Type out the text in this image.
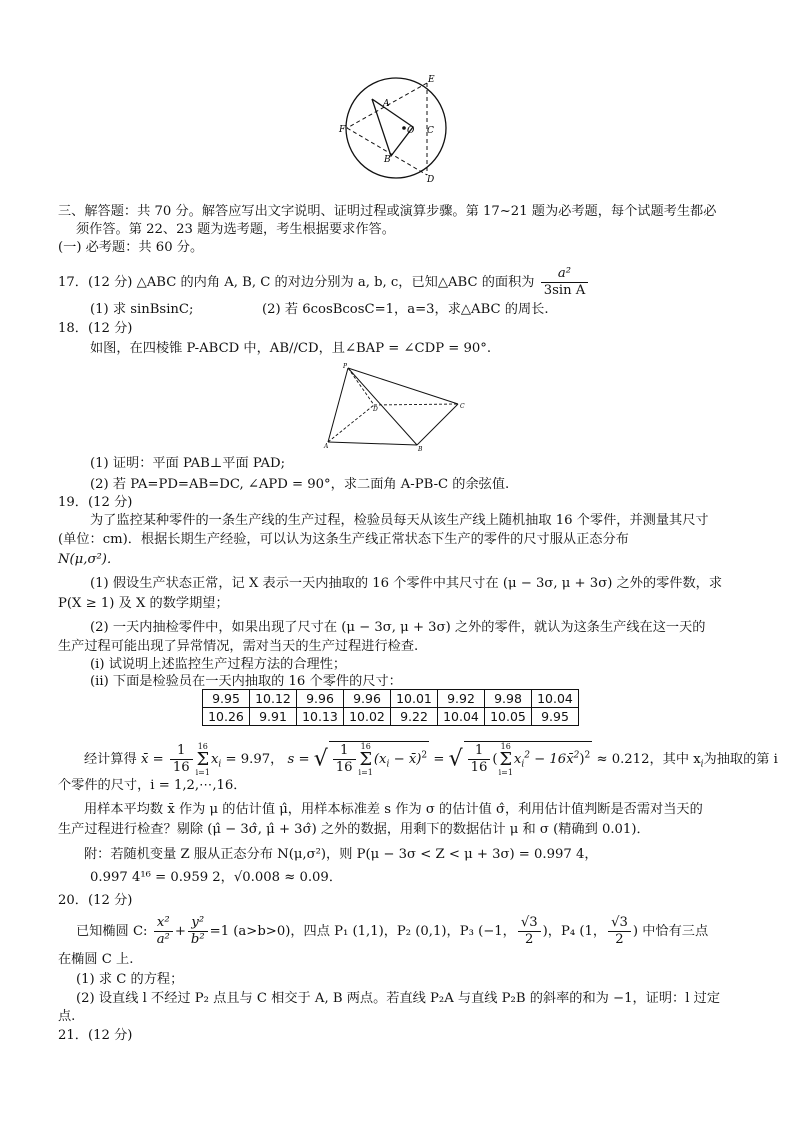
A
B
C
O
D
E
F
三、解答题：共 70 分。解答应写出文字说明、证明过程或演算步骤。第 17~21 题为必考题，每个试题考生都必
须作答。第 22、23 题为选考题，考生根据要求作答。
(一) 必考题：共 60 分。
17．(12 分) △ABC 的内角 A, B, C 的对边分别为 a, b, c，已知△ABC 的面积为 $\frac{\text{a²}}{\text{3sin A}}$
(1) 求 sinBsinC;	(2) 若 6cosBcosC=1，a=3，求△ABC 的周长.
18．(12 分)
如图，在四棱锥 P-ABCD 中，AB//CD，且∠BAP = ∠CDP = 90°.
P
A	B
C
D
(1) 证明：平面 PAB⊥平面 PAD;
(2) 若 PA=PD=AB=DC, ∠APD = 90°，求二面角 A-PB-C 的余弦值.
19．(12 分)
为了监控某种零件的一条生产线的生产过程，检验员每天从该生产线上随机抽取 16 个零件，并测量其尺寸
(单位：cm)．根据长期生产经验，可以认为这条生产线正常状态下生产的零件的尺寸服从正态分布
N(μ,σ²)．
(1) 假设生产状态正常，记 X 表示一天内抽取的 16 个零件中其尺寸在 (μ − 3σ, μ + 3σ) 之外的零件数，求
P(X ≥ 1) 及 X 的数学期望；
(2) 一天内抽检零件中，如果出现了尺寸在 (μ − 3σ, μ + 3σ) 之外的零件，就认为这条生产线在这一天的
生产过程可能出现了异常情况，需对当天的生产过程进行检查.
(ⅰ) 试说明上述监控生产过程方法的合理性；
(ⅱ) 下面是检验员在一天内抽取的 16 个零件的尺寸：
9.95	10.12	9.96	9.96	10.01	9.92	9.98	10.04
10.26	9.91	10.13	10.02	9.22	10.04	10.05	9.95
经计算得 x̄ = $\frac{1}{16} 16$
Σ
$i=1x_i = 9.97$， s = √ $\frac{1}{16} 16$
Σ
$i=1(x_i$ − x̄)$^2$ = √ $\frac{1}{16} (16$
Σ
$i=1x_i^2$ − 16x̄$^2$)$^2$ ≈ 0.212，其中 $x_i$为抽取的第 i
个零件的尺寸，i = 1,2,⋯,16．
用样本平均数 x̄ 作为 μ 的估计值 μ̂，用样本标准差 s 作为 σ 的估计值 σ̂，利用估计值判断是否需对当天的
生产过程进行检查？剔除 (μ̂ − 3σ̂, μ̂ + 3σ̂) 之外的数据，用剩下的数据估计 μ 和 σ (精确到 0.01)．
附：若随机变量 Z 服从正态分布 N(μ,σ²)，则 P(μ − 3σ < Z < μ + 3σ) = 0.997 4，
0.997 4¹⁶ = 0.959 2，√0.008 ≈ 0.09．
20．(12 分)
已知椭圆 C: $\frac{\text{x²}}{\text{a²}} + \frac{\text{y²}}{\text{b²}} =1$ (a>b>0)，四点 P₁ (1,1)，P₂ (0,1)，P₃ (−1， $\frac{√3}{2}$ )，P₄ (1， $\frac{√3}{2}$ ) 中恰有三点
在椭圆 C 上.
(1) 求 C 的方程；
(2) 设直线 l 不经过 P₂ 点且与 C 相交于 A, B 两点。若直线 P₂A 与直线 P₂B 的斜率的和为 −1，证明：l 过定
点.
21．(12 分)
